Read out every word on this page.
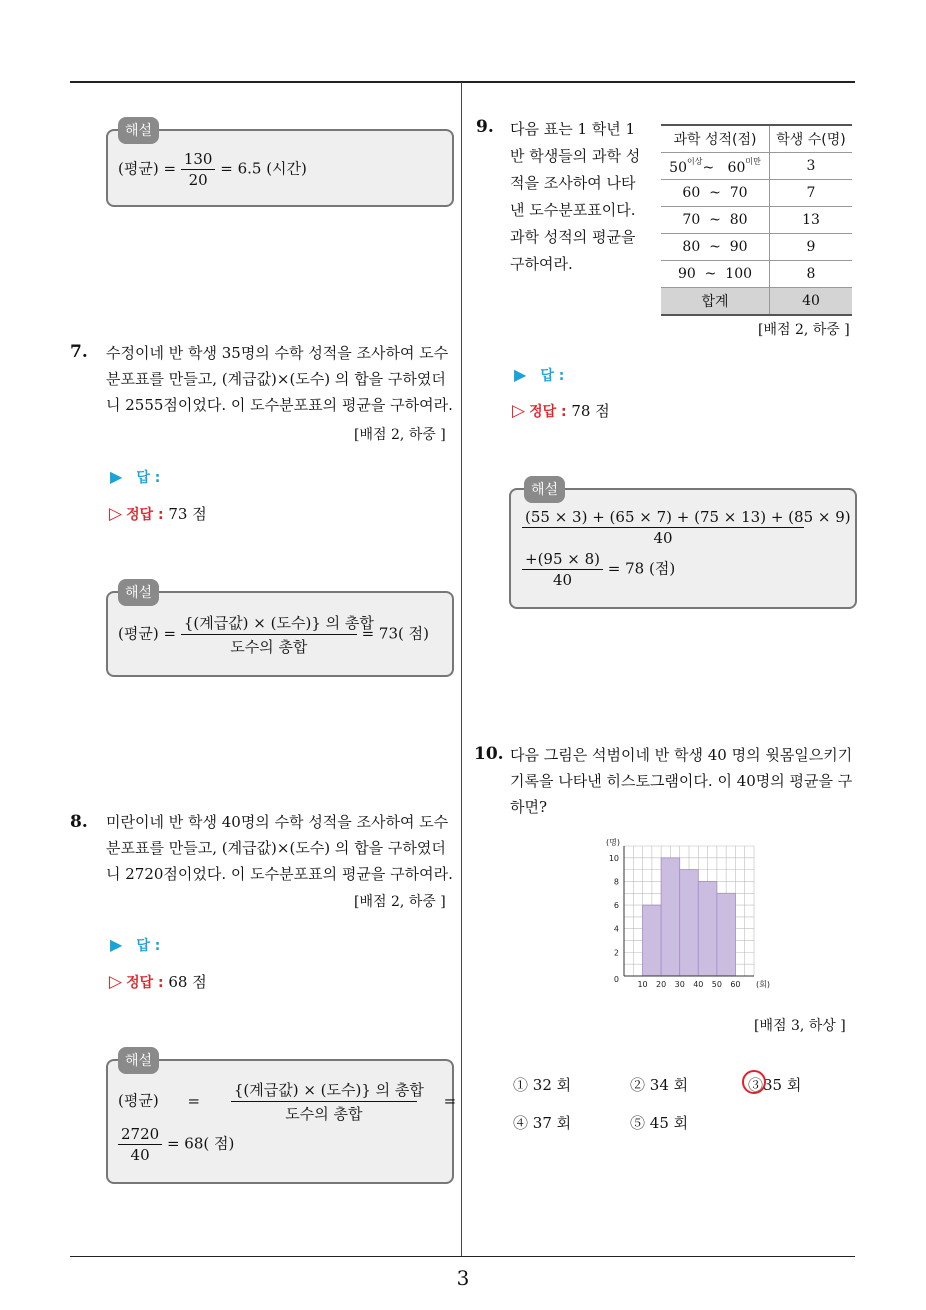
3
해설
(평균) = $\frac{130}{20} = 6.5$ (시간)
7. 수정이네 반 학생 35명의 수학 성적을 조사하여 도수
분포표를 만들고, (계급값)×(도수) 의 합을 구하였더
니 2555점이었다. 이 도수분포표의 평균을 구하여라.
[배점 2, 하중 ]
▶ 답 :
▷ 정답 : 73 점
해설
(평균) = $\frac{\text{\{(계급값) × (도수)\} 의 총합}}{\text{도수의 총합}} = 73$( 점)
8. 미란이네 반 학생 40명의 수학 성적을 조사하여 도수
분포표를 만들고, (계급값)×(도수) 의 합을 구하였더
니 2720점이었다. 이 도수분포표의 평균을 구하여라.
[배점 2, 하중 ]
▶ 답 :
▷ 정답 : 68 점
해설
(평균) = $\frac{\text{\{(계급값) × (도수)\} 의 총합}}{\text{도수의 총합}}$ =
$\frac{2720}{40} = 68$( 점)
9. 다음 표는 1 학년 1
반 학생들의 과학 성
적을 조사하여 나타
낸 도수분포표이다.
과학 성적의 평균을
구하여라.
과학 성적(점)	학생 수(명)
$50^{이상}\sim$ $60^{미만}$	3
60  ~  70	7
70  ~  80	13
80  ~  90	9
90  ~  100	8
합계	40
[배점 2, 하중 ]
▶ 답 :
▷ 정답 : 78 점
해설
$\frac{(55 \times 3) + (65 \times 7) + (75 \times 13) + (85 \times 9)}{40}$
$\frac{+(95 \times 8)}{40} = 78$ (점)
10. 다음 그림은 석범이네 반 학생 40 명의 윗몸일으키기
기록을 나타낸 히스토그램이다. 이 40명의 평균을 구
하면?
0
2
4
6
8
10
10 20 30 40 50 60
(명)
(회)
[배점 3, 하상 ]
① 32 회	② 34 회	③35 회
④ 37 회	⑤ 45 회
